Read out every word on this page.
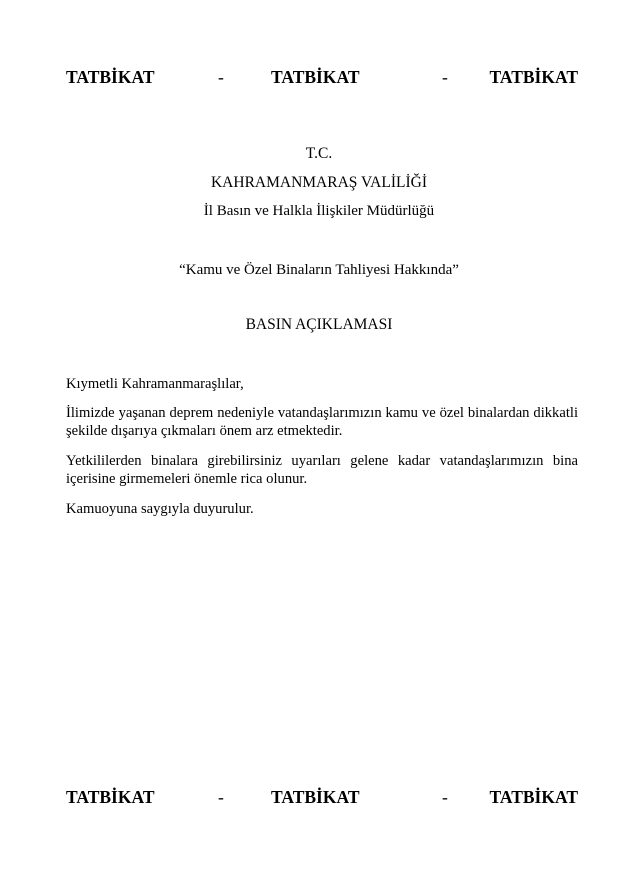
TATBİKAT	-	TATBİKAT	- TATBİKAT
T.C.
KAHRAMANMARAŞ VALİLİĞİ
İl Basın ve Halkla İlişkiler Müdürlüğü
“Kamu ve Özel Binaların Tahliyesi Hakkında”
BASIN AÇIKLAMASI
Kıymetli Kahramanmaraşlılar,
İlimizde yaşanan deprem nedeniyle vatandaşlarımızın kamu ve özel binalardan dikkatli şekilde dışarıya çıkmaları önem arz etmektedir.
Yetkililerden binalara girebilirsiniz uyarıları gelene kadar vatandaşlarımızın bina içerisine girmemeleri önemle rica olunur.
Kamuoyuna saygıyla duyurulur.
TATBİKAT	-	TATBİKAT	- TATBİKAT
